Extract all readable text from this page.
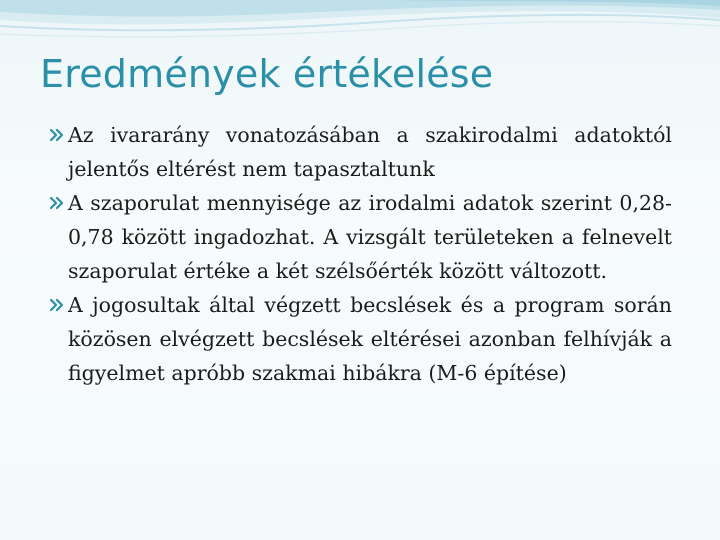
Eredmények értékelése

Az ivararány vonatozásában a szakirodalmi adatoktól jelentős eltérést nem tapasztaltunk

A szaporulat mennyisége az irodalmi adatok szerint 0,28-0,78 között ingadozhat. A vizsgált területeken a felnevelt szaporulat értéke a két szélsőérték között változott.

A jogosultak által végzett becslések és a program során közösen elvégzett becslések eltérései azonban felhívják a figyelmet apróbb szakmai hibákra (M-6 építése)
